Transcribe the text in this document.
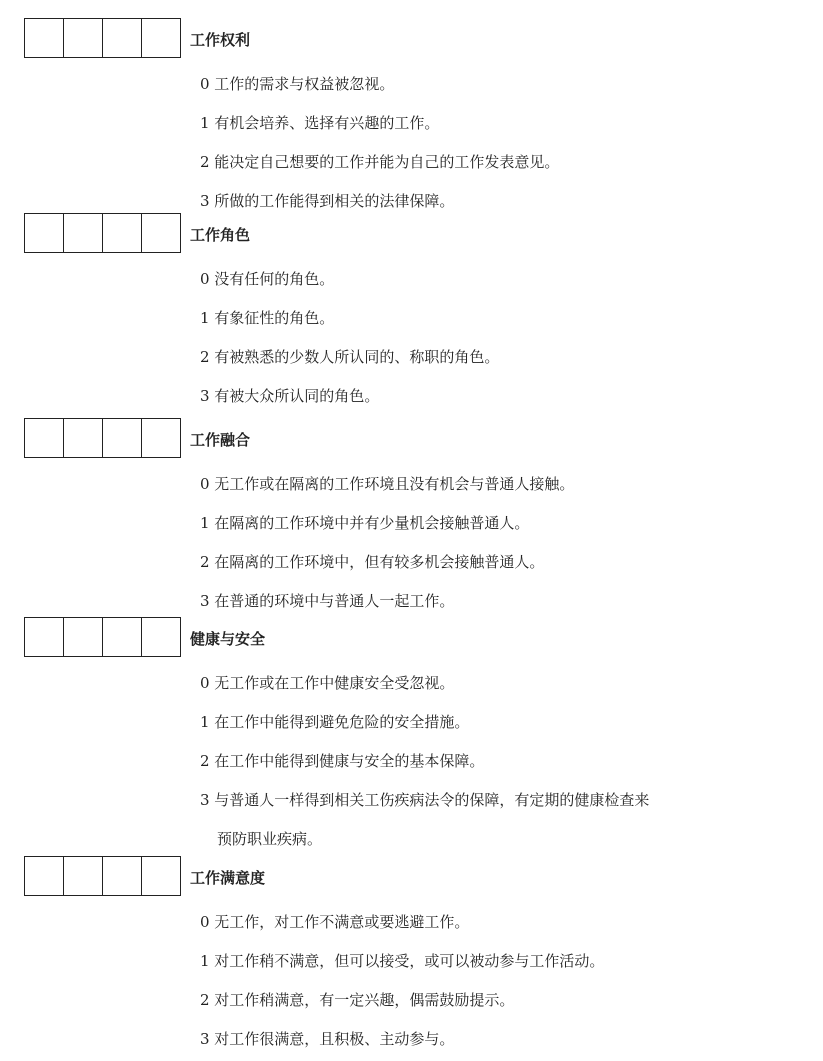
工作权利
0 工作的需求与权益被忽视。
1 有机会培养、选择有兴趣的工作。
2 能决定自己想要的工作并能为自己的工作发表意见。
3 所做的工作能得到相关的法律保障。
工作角色
0 没有任何的角色。
1 有象征性的角色。
2 有被熟悉的少数人所认同的、称职的角色。
3 有被大众所认同的角色。
工作融合
0 无工作或在隔离的工作环境且没有机会与普通人接触。
1 在隔离的工作环境中并有少量机会接触普通人。
2 在隔离的工作环境中，但有较多机会接触普通人。
3 在普通的环境中与普通人一起工作。
健康与安全
0 无工作或在工作中健康安全受忽视。
1 在工作中能得到避免危险的安全措施。
2 在工作中能得到健康与安全的基本保障。
3 与普通人一样得到相关工伤疾病法令的保障，有定期的健康检查来
预防职业疾病。
工作满意度
0 无工作，对工作不满意或要逃避工作。
1 对工作稍不满意，但可以接受，或可以被动参与工作活动。
2 对工作稍满意，有一定兴趣，偶需鼓励提示。
3 对工作很满意，且积极、主动参与。
